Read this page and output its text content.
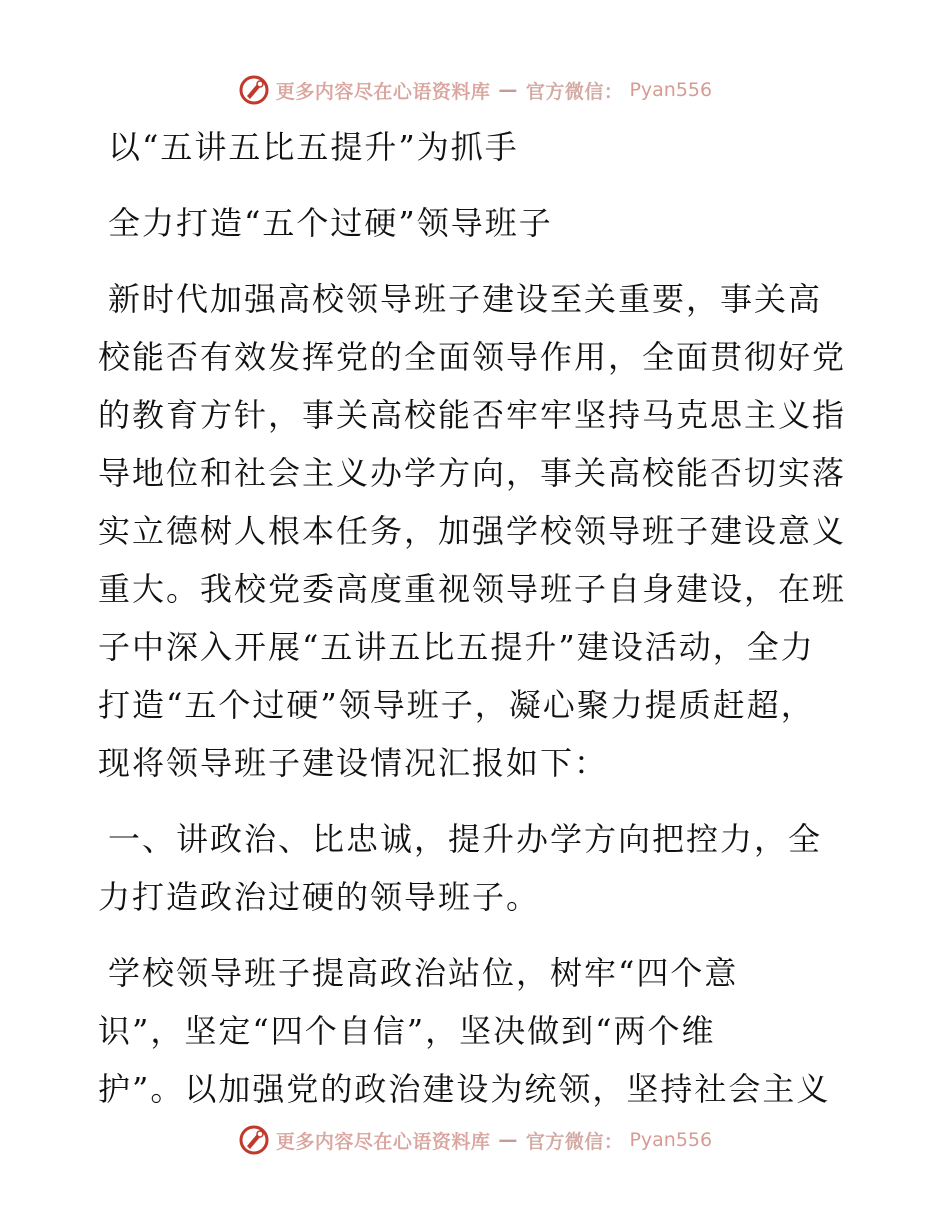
更多内容尽在心语资料库 — 官方微信： Pyan556
以“五讲五比五提升”为抓手
全力打造“五个过硬”领导班子
新时代加强高校领导班子建设至关重要，事关高
校能否有效发挥党的全面领导作用，全面贯彻好党
的教育方针，事关高校能否牢牢坚持马克思主义指
导地位和社会主义办学方向，事关高校能否切实落
实立德树人根本任务，加强学校领导班子建设意义
重大。我校党委高度重视领导班子自身建设，在班
子中深入开展“五讲五比五提升”建设活动，全力
打造“五个过硬”领导班子，凝心聚力提质赶超，
现将领导班子建设情况汇报如下：
一、讲政治、比忠诚，提升办学方向把控力，全
力打造政治过硬的领导班子。
学校领导班子提高政治站位，树牢“四个意
识”，坚定“四个自信”，坚决做到“两个维
护”。以加强党的政治建设为统领，坚持社会主义
更多内容尽在心语资料库 — 官方微信： Pyan556
